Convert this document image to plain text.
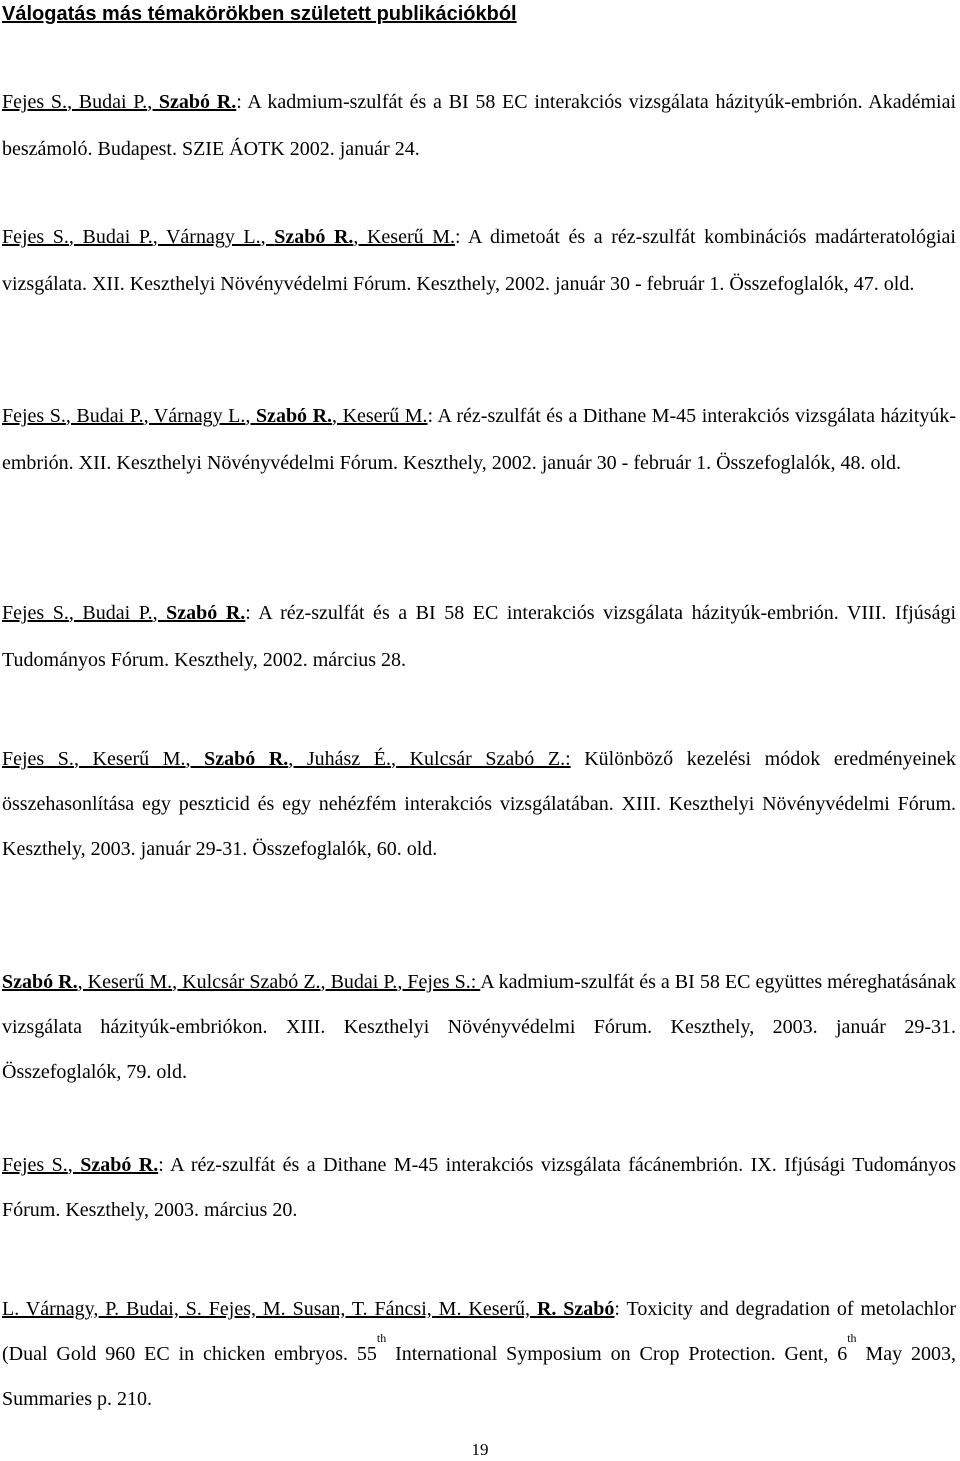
Válogatás más témakörökben született publikációkból
Fejes S., Budai P., Szabó R.: A kadmium-szulfát és a BI 58 EC interakciós vizsgálata házityúk-embrión. Akadémiai beszámoló. Budapest. SZIE ÁOTK 2002. január 24.
Fejes S., Budai P., Várnagy L., Szabó R., Keserű M.: A dimetoát és a réz-szulfát kombinációs madárteratológiai vizsgálata. XII. Keszthelyi Növényvédelmi Fórum. Keszthely, 2002. január 30 - február 1. Összefoglalók, 47. old.
Fejes S., Budai P., Várnagy L., Szabó R., Keserű M.: A réz-szulfát és a Dithane M-45 interakciós vizsgálata házityúk-embrión. XII. Keszthelyi Növényvédelmi Fórum. Keszthely, 2002. január 30 - február 1. Összefoglalók, 48. old.
Fejes S., Budai P., Szabó R.: A réz-szulfát és a BI 58 EC interakciós vizsgálata házityúk-embrión. VIII. Ifjúsági Tudományos Fórum. Keszthely, 2002. március 28.
Fejes S., Keserű M., Szabó R., Juhász É., Kulcsár Szabó Z.: Különböző kezelési módok eredményeinek összehasonlítása egy peszticid és egy nehézfém interakciós vizsgálatában. XIII. Keszthelyi Növényvédelmi Fórum. Keszthely, 2003. január 29-31. Összefoglalók, 60. old.
Szabó R., Keserű M., Kulcsár Szabó Z., Budai P., Fejes S.: A kadmium-szulfát és a BI 58 EC együttes méreghatásának vizsgálata házityúk-embriókon. XIII. Keszthelyi Növényvédelmi Fórum. Keszthely, 2003. január 29-31. Összefoglalók, 79. old.
Fejes S., Szabó R.: A réz-szulfát és a Dithane M-45 interakciós vizsgálata fácánembrión. IX. Ifjúsági Tudományos Fórum. Keszthely, 2003. március 20.
L. Várnagy, P. Budai, S. Fejes, M. Susan, T. Fáncsi, M. Keserű, R. Szabó: Toxicity and degradation of metolachlor (Dual Gold 960 EC in chicken embryos. 55th International Symposium on Crop Protection. Gent, 6th May 2003, Summaries p. 210.
19
